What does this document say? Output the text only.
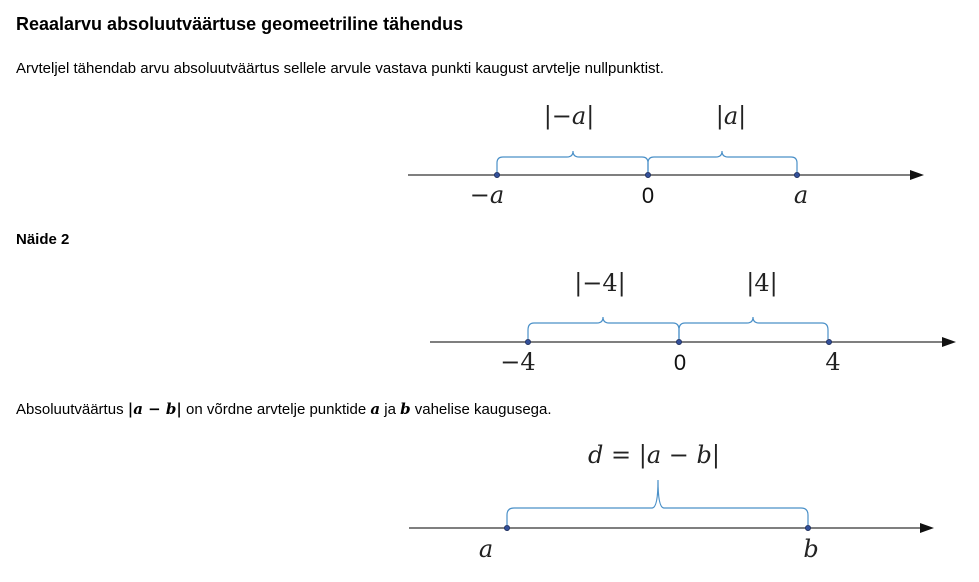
Reaalarvu absoluutväärtuse geomeetriline tähendus
Arvteljel tähendab arvu absoluutväärtus sellele arvule vastava punkti kaugust arvtelje nullpunktist.
|−a|	|a|
−a	0	a
Näide 2
|−4|	|4|
−4	0	4
Absoluutväärtus |a − b| on võrdne arvtelje punktide a ja b vahelise kaugusega.
d = |a − b|
a	b
